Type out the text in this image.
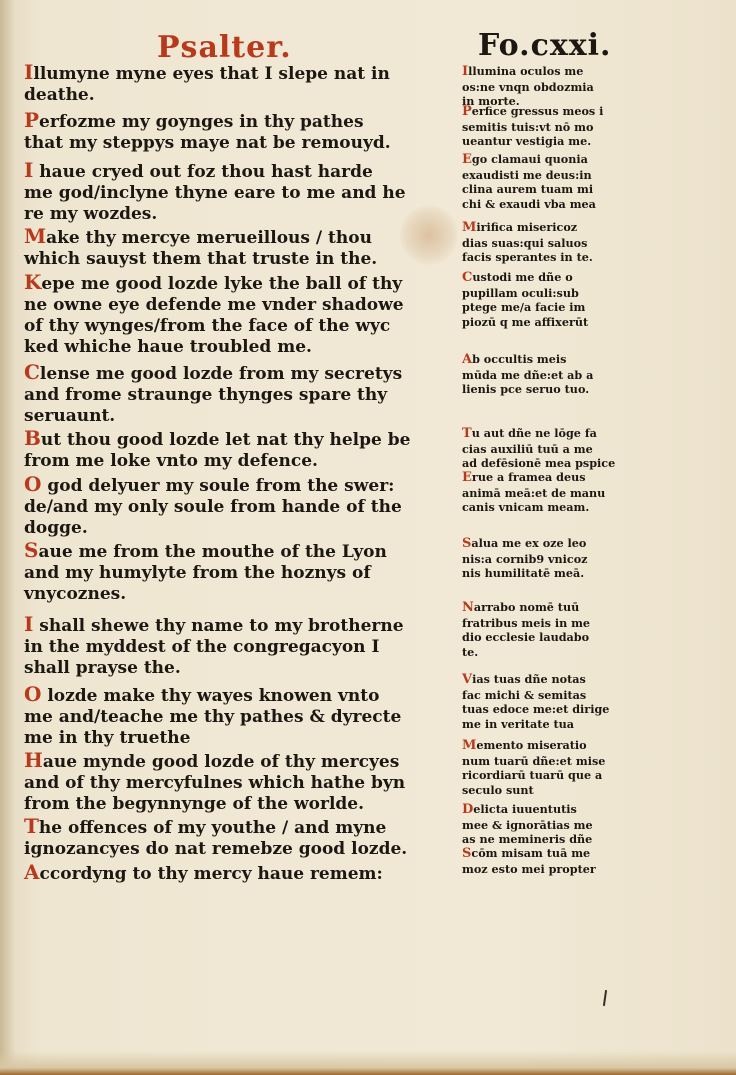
Psalter.	Fo.cxxi.

Illumyne myne eyes that I slepe nat in
deathe.

Perfozme my goynges in thy pathes
that my steppys maye nat be remouyd.

I haue cryed out foz thou hast harde
me god/inclyne thyne eare to me and he
re my wozdes.

Make thy mercye merueillous / thou
which sauyst them that truste in the.

Kepe me good lozde lyke the ball of thy
ne owne eye defende me vnder shadowe
of thy wynges/from the face of the wyc
ked whiche haue troubled me.

Clense me good lozde from my secretys
and frome straunge thynges spare thy
seruaunt.

But thou good lozde let nat thy helpe be
from me loke vnto my defence.

O god delyuer my soule from the swer:
de/and my only soule from hande of the
dogge.

Saue me from the mouthe of the Lyon
and my humylyte from the hoznys of
vnycoznes.

I shall shewe thy name to my brotherne
in the myddest of the congregacyon I
shall prayse the.

O lozde make thy wayes knowen vnto
me and/teache me thy pathes & dyrecte
me in thy truethe

Haue mynde good lozde of thy mercyes
and of thy mercyfulnes which hathe byn
from the begynnynge of the worlde.

The offences of my youthe / and myne
ignozancyes do nat remebze good lozde.

Accordyng to thy mercy haue remem:

Illumina oculos me
os:ne vnqn obdozmia
in morte.

Perfice gressus meos i
semitis tuis:vt nō mo
ueantur vestigia me.

Ego clamaui quonia
exaudisti me deus:in
clina aurem tuam mi
chi & exaudi vba mea

Mirifica misericoz
dias suas:qui saluos
facis sperantes in te.

Custodi me dñe o
pupillam oculi:sub
ptege me/a facie im
piozū q me affixerūt

Ab occultis meis
mūda me dñe:et ab a
lienis pce seruo tuo.

Tu aut dñe ne lōge fa
cias auxiliū tuū a me
ad defēsionē mea pspice

Erue a framea deus
animā meā:et de manu
canis vnicam meam.

Salua me ex oze leo
nis:a cornib9 vnicoz
nis humilitatē meā.

Narrabo nomē tuū
fratribus meis in me
dio ecclesie laudabo
te.

Vias tuas dñe notas
fac michi & semitas
tuas edoce me:et dirige
me in veritate tua

Memento miseratio
num tuarū dñe:et mise
ricordiarū tuarū que a seculo sunt

Delicta iuuentutis
mee & ignorātias me
as ne memineris dñe

Scōm misam tuā me
moz esto mei propter
